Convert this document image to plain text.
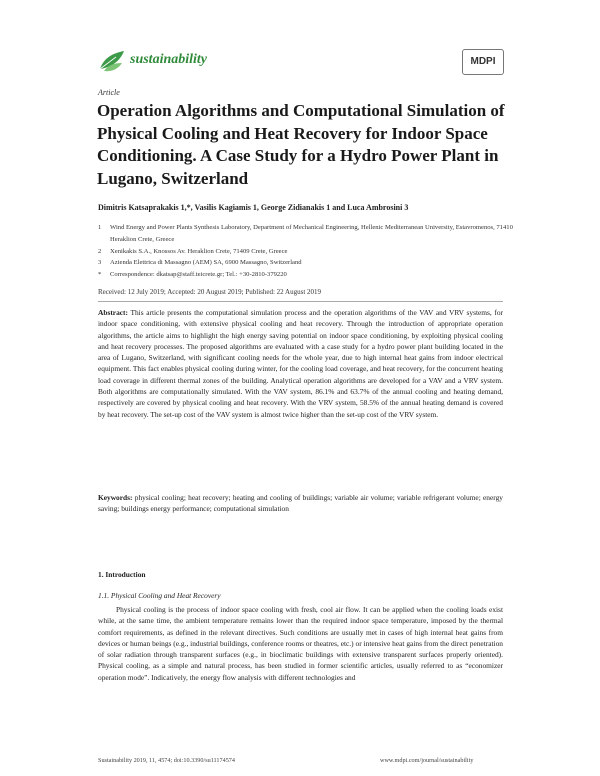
sustainability	MDPI
Article
Operation Algorithms and Computational Simulation of Physical Cooling and Heat Recovery for Indoor Space Conditioning. A Case Study for a Hydro Power Plant in Lugano, Switzerland
Dimitris Katsaprakakis 1,*, Vasilis Kagiamis 1, George Zidianakis 1 and Luca Ambrosini 3
1	Wind Energy and Power Plants Synthesis Laboratory, Department of Mechanical Engineering, Hellenic Mediterranean University, Estavromenos, 71410 Heraklion Crete, Greece
2	Xenikakis S.A., Knossos Av. Heraklion Crete, 71409 Crete, Greece
3	Azienda Elettrica di Massagno (AEM) SA, 6900 Massagno, Switzerland
*	Correspondence: dkatsap@staff.teicrete.gr; Tel.: +30-2810-379220
Received: 12 July 2019; Accepted: 20 August 2019; Published: 22 August 2019

Abstract: This article presents the computational simulation process and the operation algorithms of the VAV and VRV systems, for indoor space conditioning, with extensive physical cooling and heat recovery. Through the introduction of appropriate operation algorithms, the article aims to highlight the high energy saving potential on indoor space conditioning, by exploiting physical cooling and heat recovery processes. The proposed algorithms are evaluated with a case study for a hydro power plant building located in the area of Lugano, Switzerland, with significant cooling needs for the whole year, due to high internal heat gains from indoor electrical equipment. This fact enables physical cooling during winter, for the cooling load coverage, and heat recovery, for the concurrent heating load coverage in different thermal zones of the building. Analytical operation algorithms are developed for a VAV and a VRV system. Both algorithms are computationally simulated. With the VAV system, 86.1% and 63.7% of the annual cooling and heating demand, respectively are covered by physical cooling and heat recovery. With the VRV system, 58.5% of the annual heating demand is covered by heat recovery. The set-up cost of the VAV system is almost twice higher than the set-up cost of the VRV system.

Keywords: physical cooling; heat recovery; heating and cooling of buildings; variable air volume; variable refrigerant volume; energy saving; buildings energy performance; computational simulation

1. Introduction
1.1. Physical Cooling and Heat Recovery

Physical cooling is the process of indoor space cooling with fresh, cool air flow. It can be applied when the cooling loads exist while, at the same time, the ambient temperature remains lower than the required indoor space temperature, imposed by the thermal comfort requirements, as defined in the relevant directives. Such conditions are usually met in cases of high internal heat gains from devices or human beings (e.g., industrial buildings, conference rooms or theatres, etc.) or intensive heat gains from the direct penetration of solar radiation through transparent surfaces (e.g., in bioclimatic buildings with extensive transparent surfaces properly oriented). Physical cooling, as a simple and natural process, has been studied in former scientific articles, usually referred to as “economizer operation mode”. Indicatively, the energy flow analysis with different technologies and

Sustainability 2019, 11, 4574; doi:10.3390/su11174574	www.mdpi.com/journal/sustainability
